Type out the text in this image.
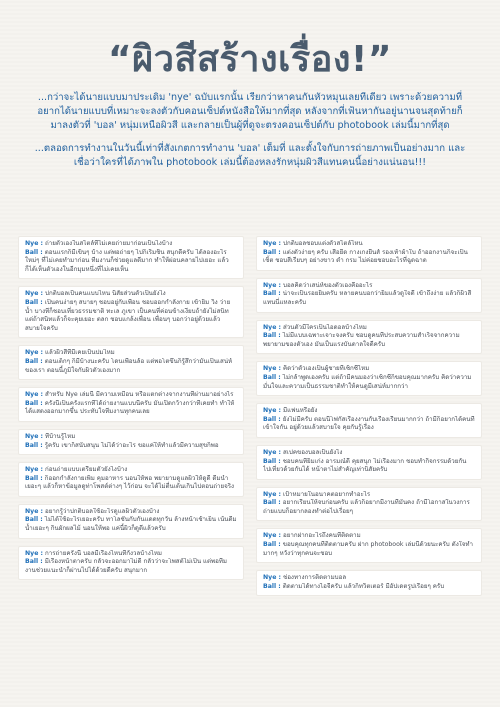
“ผิวสีสร้างเรื่อง!”

...กว่าจะได้นายแบบมาประเดิม 'nye' ฉบับแรกนั้น เรียกว่าหาคนกันหัวหมุนเลยทีเดียว เพราะด้วยความที่อยากได้นายแบบที่เหมาะจะลงตัวกับคอนเซ็ปต์หนังสือให้มากที่สุด หลังจากที่เฟ้นหากันอยู่นานจนสุดท้ายก็มาลงตัวที่ 'บอล' หนุ่มเหนือผิวสี และกลายเป็นผู้ที่ดูจะตรงคอนเซ็ปต์กับ photobook เล่มนี้มากที่สุด

...ตลอดการทำงานในวันนี้เท่าที่สังเกตการทำงาน 'บอล' เต็มที่ และตั้งใจกับการถ่ายภาพเป็นอย่างมาก และเชื่อว่าใครที่ได้ภาพใน photobook เล่มนี้ต้องหลงรักหนุ่มผิวสีแทนคนนี้อย่างแน่นอน!!!

Nye : ถ่ายตัวเองในสไตล์ที่ไม่เคยถ่ายมาก่อนเป็นไงบ้าง

Ball : ตอนแรกก็มีเขินๆ บ้าง แต่พอถ่ายๆ ไปก็เริ่มชิน สนุกดีครับ ได้ลองอะไรใหม่ๆ ที่ไม่เคยทำมาก่อน ทีมงานก็ช่วยดูแลดีมาก ทำให้ผ่อนคลายไปเยอะ แล้วก็ได้เห็นตัวเองในอีกมุมหนึ่งที่ไม่เคยเห็น

Nye : ปกติบอลเป็นคนแบบไหน นิสัยส่วนตัวเป็นยังไง

Ball : เป็นคนง่ายๆ สบายๆ ชอบอยู่กับเพื่อน ชอบออกกำลังกาย เข้ายิม วิ่ง ว่ายน้ำ บางทีก็ชอบเที่ยวธรรมชาติ ทะเล ภูเขา เป็นคนที่ค่อนข้างเงียบถ้ายังไม่สนิท แต่ถ้าสนิทแล้วก็จะคุยเยอะ ตลก ชอบแกล้งเพื่อน เพื่อนๆ บอกว่าอยู่ด้วยแล้วสบายใจครับ

Nye : แล้วผิวสีที่มีเคยเป็นปมไหม

Ball : ตอนเด็กๆ ก็มีบ้างนะครับ โดนเพื่อนล้อ แต่พอโตขึ้นก็รู้สึกว่ามันเป็นเสน่ห์ของเรา ตอนนี้ภูมิใจกับผิวตัวเองมาก

Nye : สำหรับ Nye เล่มนี้ มีความเหมือน หรือแตกต่างจากงานที่ผ่านมาอย่างไร

Ball : ครั้งนี้เป็นครั้งแรกที่ได้ถ่ายงานแบบนี้ครับ มันเปิดกว้างกว่าที่เคยทำ ทำให้ได้แสดงออกมากขึ้น ประทับใจทีมงานทุกคนเลย

Nye : ที่บ้านรู้ไหม

Ball : รู้ครับ เขาก็สนับสนุน ไม่ได้ว่าอะไร ขอแค่ให้ทำแล้วมีความสุขก็พอ

Nye : ก่อนถ่ายแบบเตรียมตัวยังไงบ้าง

Ball : ก็ออกกำลังกายเพิ่ม คุมอาหาร นอนให้พอ พยายามดูแลผิวให้ดูดี ดื่มน้ำเยอะๆ แล้วก็หาข้อมูลดูท่าโพสต์ต่างๆ ไว้ก่อน จะได้ไม่ตื่นเต้นเกินไปตอนถ่ายจริง

Nye : อยากรู้ว่าปกติบอลใช้อะไรดูแลผิวตัวเองบ้าง

Ball : ไม่ได้ใช้อะไรเยอะครับ ทาโลชั่นกับกันแดดทุกวัน ล้างหน้าเช้าเย็น เน้นดื่มน้ำเยอะๆ กินผักผลไม้ นอนให้พอ แค่นี้ผิวก็ดูดีแล้วครับ

Nye : การถ่ายครั้งนี้ บอลมีเรื่องไหนที่กังวลบ้างไหม

Ball : มีเรื่องหน้าตาครับ กลัวจะออกมาไม่ดี กลัวว่าจะโพสต์ไม่เป็น แต่พอทีมงานช่วยแนะนำก็ผ่านไปได้ด้วยดีครับ สนุกมาก

Nye : ปกติบอลชอบแต่งตัวสไตล์ไหน

Ball : แต่งตัวง่ายๆ ครับ เสื้อยืด กางเกงยีนส์ รองเท้าผ้าใบ ถ้าออกงานก็จะเป็นเชิ้ต ชอบสีเรียบๆ อย่างขาว ดำ กรม ไม่ค่อยชอบอะไรที่ฉูดฉาด

Nye : บอลคิดว่าเสน่ห์ของตัวเองคืออะไร

Ball : น่าจะเป็นรอยยิ้มครับ หลายคนบอกว่ายิ้มแล้วดูใจดี เข้าถึงง่าย แล้วก็ผิวสีแทนนี่แหละครับ

Nye : ส่วนตัวมีใครเป็นไอดอลบ้างไหม

Ball : ไม่มีแบบเฉพาะเจาะจงครับ ชอบดูคนที่ประสบความสำเร็จจากความพยายามของตัวเอง มันเป็นแรงบันดาลใจดีครับ

Nye : คิดว่าตัวเองเป็นผู้ชายที่เซ็กซี่ไหม

Ball : ไม่กล้าพูดเองครับ แต่ถ้ามีคนมองว่าเซ็กซี่ก็ขอบคุณมากครับ คิดว่าความมั่นใจและความเป็นธรรมชาติทำให้คนดูมีเสน่ห์มากกว่า

Nye : มีแฟนหรือยัง

Ball : ยังไม่มีครับ ตอนนี้โฟกัสเรื่องงานกับเรื่องเรียนมากกว่า ถ้ามีก็อยากได้คนที่เข้าใจกัน อยู่ด้วยแล้วสบายใจ คุยกันรู้เรื่อง

Nye : สเปคของบอลเป็นยังไง

Ball : ชอบคนที่ยิ้มเก่ง อารมณ์ดี คุยสนุก ไม่เรื่องมาก ชอบทำกิจกรรมด้วยกัน ไปเที่ยวด้วยกันได้ หน้าตาไม่สำคัญเท่านิสัยครับ

Nye : เป้าหมายในอนาคตอยากทำอะไร

Ball : อยากเรียนให้จบก่อนครับ แล้วก็อยากมีงานที่มั่นคง ถ้ามีโอกาสในวงการถ่ายแบบก็อยากลองทำต่อไปเรื่อยๆ

Nye : อยากฝากอะไรถึงคนที่ติดตาม

Ball : ขอบคุณทุกคนที่ติดตามครับ ฝาก photobook เล่มนี้ด้วยนะครับ ตั้งใจทำมากๆ หวังว่าทุกคนจะชอบ

Nye : ช่องทางการติดตามบอล

Ball : ติดตามได้ทางไอจีครับ แล้วก็ทวิตเตอร์ มีอัปเดตรูปเรื่อยๆ ครับ
